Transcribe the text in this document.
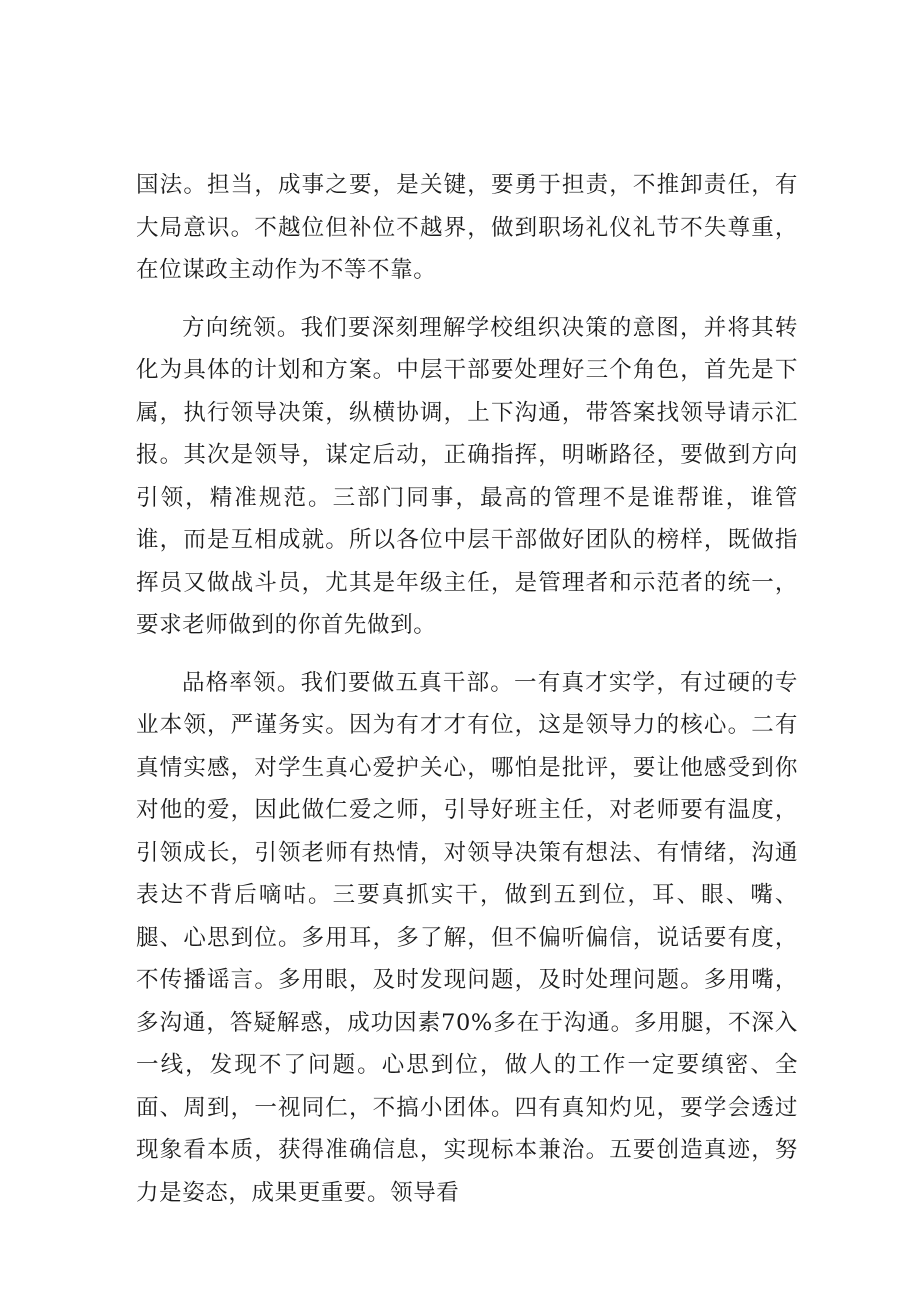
国法。担当，成事之要，是关键，要勇于担责，不推卸责任，有大局意识。不越位但补位不越界，做到职场礼仪礼节不失尊重，在位谋政主动作为不等不靠。

方向统领。我们要深刻理解学校组织决策的意图，并将其转化为具体的计划和方案。中层干部要处理好三个角色，首先是下属，执行领导决策，纵横协调，上下沟通，带答案找领导请示汇报。其次是领导，谋定后动，正确指挥，明晰路径，要做到方向引领，精准规范。三部门同事，最高的管理不是谁帮谁，谁管谁，而是互相成就。所以各位中层干部做好团队的榜样，既做指挥员又做战斗员，尤其是年级主任，是管理者和示范者的统一，要求老师做到的你首先做到。

品格率领。我们要做五真干部。一有真才实学，有过硬的专业本领，严谨务实。因为有才才有位，这是领导力的核心。二有真情实感，对学生真心爱护关心，哪怕是批评，要让他感受到你对他的爱，因此做仁爱之师，引导好班主任，对老师要有温度，引领成长，引领老师有热情，对领导决策有想法、有情绪，沟通表达不背后嘀咕。三要真抓实干，做到五到位，耳、眼、嘴、腿、心思到位。多用耳，多了解，但不偏听偏信，说话要有度，不传播谣言。多用眼，及时发现问题，及时处理问题。多用嘴，多沟通，答疑解惑，成功因素70%多在于沟通。多用腿，不深入一线，发现不了问题。心思到位，做人的工作一定要缜密、全面、周到，一视同仁，不搞小团体。四有真知灼见，要学会透过现象看本质，获得准确信息，实现标本兼治。五要创造真迹，努力是姿态，成果更重要。领导看
